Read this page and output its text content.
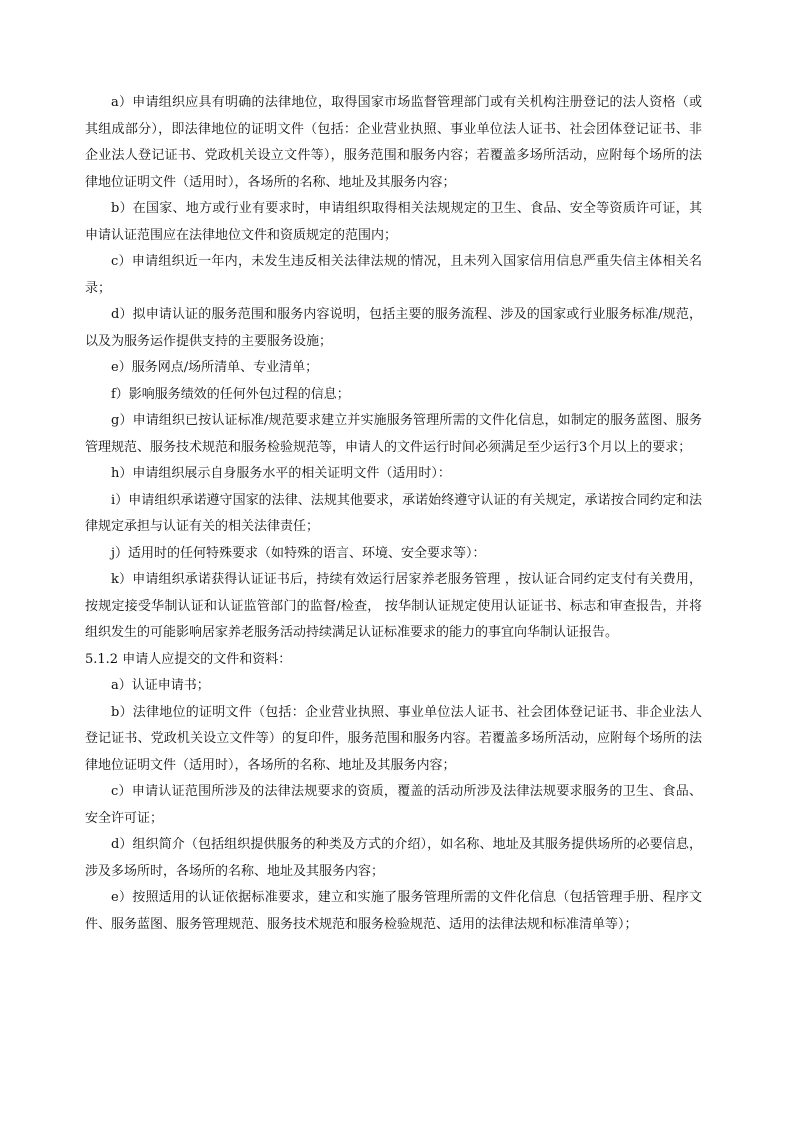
a）申请组织应具有明确的法律地位，取得国家市场监督管理部门或有关机构注册登记的法人资格（或其组成部分），即法律地位的证明文件（包括：企业营业执照、事业单位法人证书、社会团体登记证书、非企业法人登记证书、党政机关设立文件等），服务范围和服务内容；若覆盖多场所活动，应附每个场所的法律地位证明文件（适用时），各场所的名称、地址及其服务内容；

b）在国家、地方或行业有要求时，申请组织取得相关法规规定的卫生、食品、安全等资质许可证，其申请认证范围应在法律地位文件和资质规定的范围内；

c）申请组织近一年内，未发生违反相关法律法规的情况，且未列入国家信用信息严重失信主体相关名录；

d）拟申请认证的服务范围和服务内容说明，包括主要的服务流程、涉及的国家或行业服务标准/规范，以及为服务运作提供支持的主要服务设施；

e）服务网点/场所清单、专业清单；

f）影响服务绩效的任何外包过程的信息；

g）申请组织已按认证标准/规范要求建立并实施服务管理所需的文件化信息，如制定的服务蓝图、服务管理规范、服务技术规范和服务检验规范等，申请人的文件运行时间必须满足至少运行3个月以上的要求；

h）申请组织展示自身服务水平的相关证明文件（适用时）：

i）申请组织承诺遵守国家的法律、法规其他要求，承诺始终遵守认证的有关规定，承诺按合同约定和法律规定承担与认证有关的相关法律责任；

j）适用时的任何特殊要求（如特殊的语言、环境、安全要求等）：

k）申请组织承诺获得认证证书后，持续有效运行居家养老服务管理 ，按认证合同约定支付有关费用，按规定接受华制认证和认证监管部门的监督/检查， 按华制认证规定使用认证证书、标志和审查报告，并将组织发生的可能影响居家养老服务活动持续满足认证标准要求的能力的事宜向华制认证报告。

5.1.2 申请人应提交的文件和资料：

a）认证申请书；

b）法律地位的证明文件（包括：企业营业执照、事业单位法人证书、社会团体登记证书、非企业法人登记证书、党政机关设立文件等）的复印件，服务范围和服务内容。若覆盖多场所活动，应附每个场所的法律地位证明文件（适用时），各场所的名称、地址及其服务内容；

c）申请认证范围所涉及的法律法规要求的资质，覆盖的活动所涉及法律法规要求服务的卫生、食品、安全许可证；

d）组织简介（包括组织提供服务的种类及方式的介绍），如名称、地址及其服务提供场所的必要信息，涉及多场所时，各场所的名称、地址及其服务内容；

e）按照适用的认证依据标准要求，建立和实施了服务管理所需的文件化信息（包括管理手册、程序文件、服务蓝图、服务管理规范、服务技术规范和服务检验规范、适用的法律法规和标准清单等）；
